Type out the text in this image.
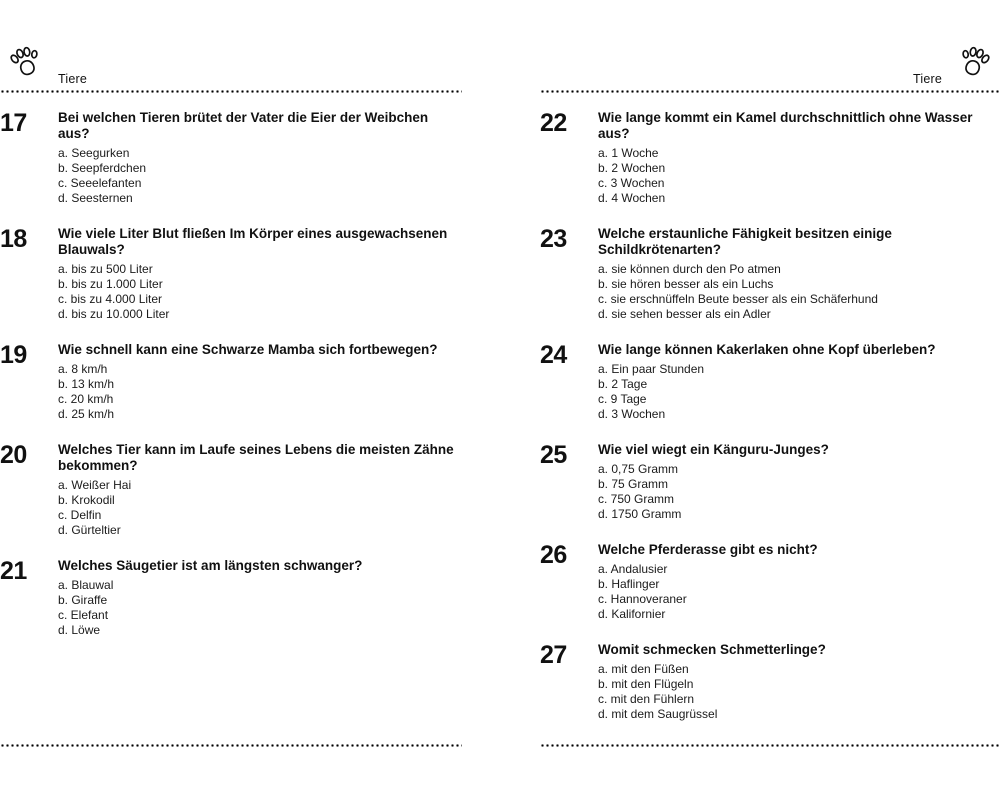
Tiere
17	Bei welchen Tieren brütet der Vater die Eier der Weibchen aus?
a. Seegurken
b. Seepferdchen
c. Seeelefanten
d. Seesternen
18	Wie viele Liter Blut fließen Im Körper eines ausgewachsenen Blauwals?
a. bis zu 500 Liter
b. bis zu 1.000 Liter
c. bis zu 4.000 Liter
d. bis zu 10.000 Liter
19	Wie schnell kann eine Schwarze Mamba sich fortbewegen?
a. 8 km/h
b. 13 km/h
c. 20 km/h
d. 25 km/h
20	Welches Tier kann im Laufe seines Lebens die meisten Zähne bekommen?
a. Weißer Hai
b. Krokodil
c. Delfin
d. Gürteltier
21	Welches Säugetier ist am längsten schwanger?
a. Blauwal
b. Giraffe
c. Elefant
d. Löwe
Tiere
22	Wie lange kommt ein Kamel durchschnittlich ohne Wasser aus?
a. 1 Woche
b. 2 Wochen
c. 3 Wochen
d. 4 Wochen
23	Welche erstaunliche Fähigkeit besitzen einige Schildkrötenarten?
a. sie können durch den Po atmen
b. sie hören besser als ein Luchs
c. sie erschnüffeln Beute besser als ein Schäferhund
d. sie sehen besser als ein Adler
24	Wie lange können Kakerlaken ohne Kopf überleben?
a. Ein paar Stunden
b. 2 Tage
c. 9 Tage
d. 3 Wochen
25	Wie viel wiegt ein Känguru-Junges?
a. 0,75 Gramm
b. 75 Gramm
c. 750 Gramm
d. 1750 Gramm
26	Welche Pferderasse gibt es nicht?
a. Andalusier
b. Haflinger
c. Hannoveraner
d. Kalifornier
27	Womit schmecken Schmetterlinge?
a. mit den Füßen
b. mit den Flügeln
c. mit den Fühlern
d. mit dem Saugrüssel
